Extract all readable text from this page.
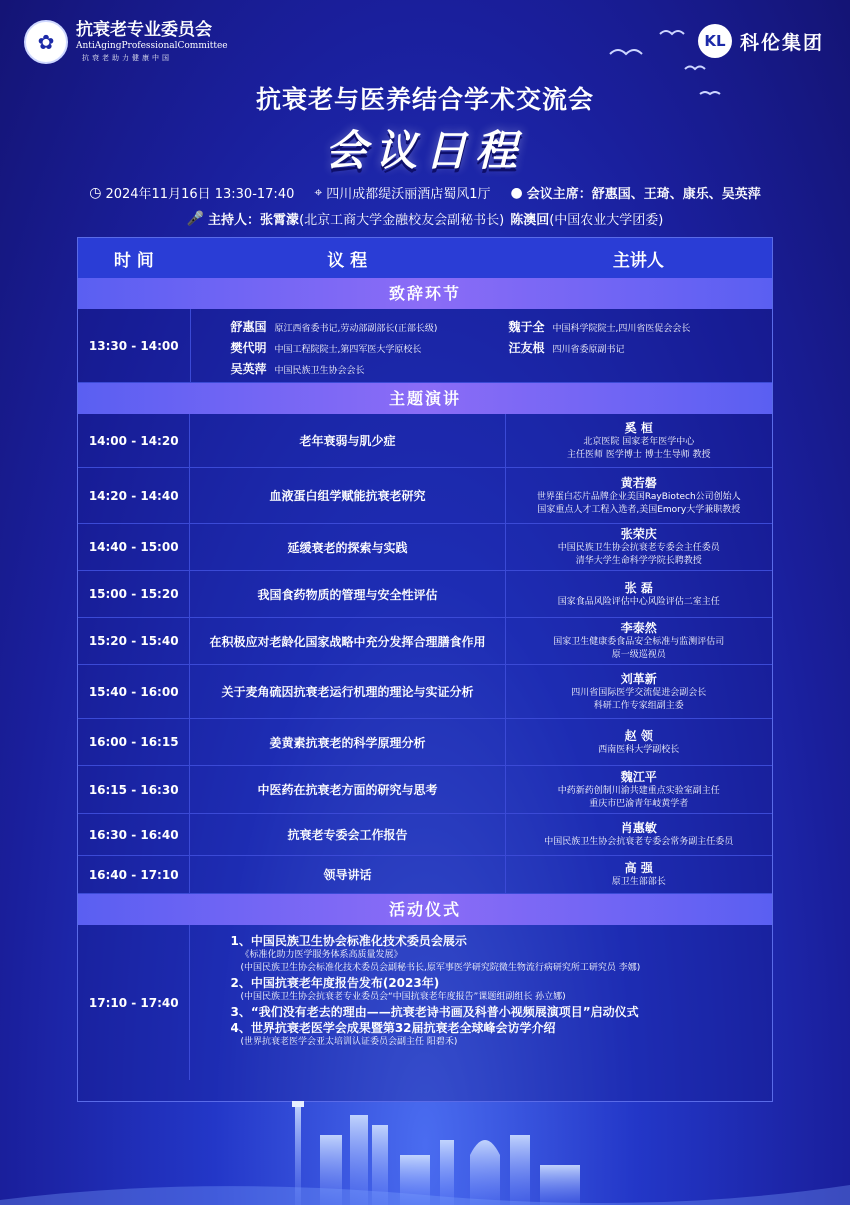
✿	抗衰老专业委员会
AntiAgingProfessionalCommittee
抗衰老助力健康中国
KL 科伦集团
抗衰老与医养结合学术交流会
会议日程
◷ 2024年11月16日 13:30-17:40 ⌖ 四川成都缇沃丽酒店蜀风1厅 ● 会议主席： 舒惠国、王琦、康乐、吴英萍
🎤 主持人： 张霄濛 (北京工商大学金融校友会副秘书长) 陈澳回 (中国农业大学团委)
时 间	议 程	主讲人
致辞环节
13:30 - 14:00
舒惠国 原江西省委书记,劳动部副部长(正部长级)
樊代明 中国工程院院士,第四军医大学原校长
吴英萍 中国民族卫生协会会长
魏于全 中国科学院院士,四川省医促会会长
汪友根 四川省委原副书记
主题演讲
14:00 - 14:20	老年衰弱与肌少症
奚 桓
北京医院 国家老年医学中心
主任医师 医学博士 博士生导师 教授
14:20 - 14:40	血液蛋白组学赋能抗衰老研究
黄若磐
世界蛋白芯片品牌企业美国RayBiotech公司创始人
国家重点人才工程入选者,美国Emory大学兼职教授
14:40 - 15:00	延缓衰老的探索与实践
张荣庆
中国民族卫生协会抗衰老专委会主任委员
清华大学生命科学学院长聘教授
15:00 - 15:20	我国食药物质的管理与安全性评估	张 磊
国家食品风险评估中心风险评估二室主任
15:20 - 15:40	在积极应对老龄化国家战略中充分发挥合理膳食作用
李泰然
国家卫生健康委食品安全标准与监测评估司
原一级巡视员
15:40 - 16:00	关于麦角硫因抗衰老运行机理的理论与实证分析
刘革新
四川省国际医学交流促进会副会长
科研工作专家组副主委
16:00 - 16:15	姜黄素抗衰老的科学原理分析	赵 领
西南医科大学副校长
16:15 - 16:30	中医药在抗衰老方面的研究与思考
魏江平
中药新药创制川渝共建重点实验室副主任
重庆市巴渝青年岐黄学者
16:30 - 16:40	抗衰老专委会工作报告	肖惠敏
中国民族卫生协会抗衰老专委会常务副主任委员
16:40 - 17:10	领导讲话	高 强
原卫生部部长
活动仪式
17:10 - 17:40
1、中国民族卫生协会标准化技术委员会展示
《标准化助力医学服务体系高质量发展》
(中国民族卫生协会标准化技术委员会副秘书长,原军事医学研究院微生物流行病研究所工研究员 李娜)
2、中国抗衰老年度报告发布(2023年)
(中国民族卫生协会抗衰老专业委员会“中国抗衰老年度报告”课题组副组长 孙立娜)
3、“我们没有老去的理由——抗衰老诗书画及科普小视频展演项目”启动仪式
4、世界抗衰老医学会成果暨第32届抗衰老全球峰会访学介绍
(世界抗衰老医学会亚太培训认证委员会副主任 阳碧禾)
